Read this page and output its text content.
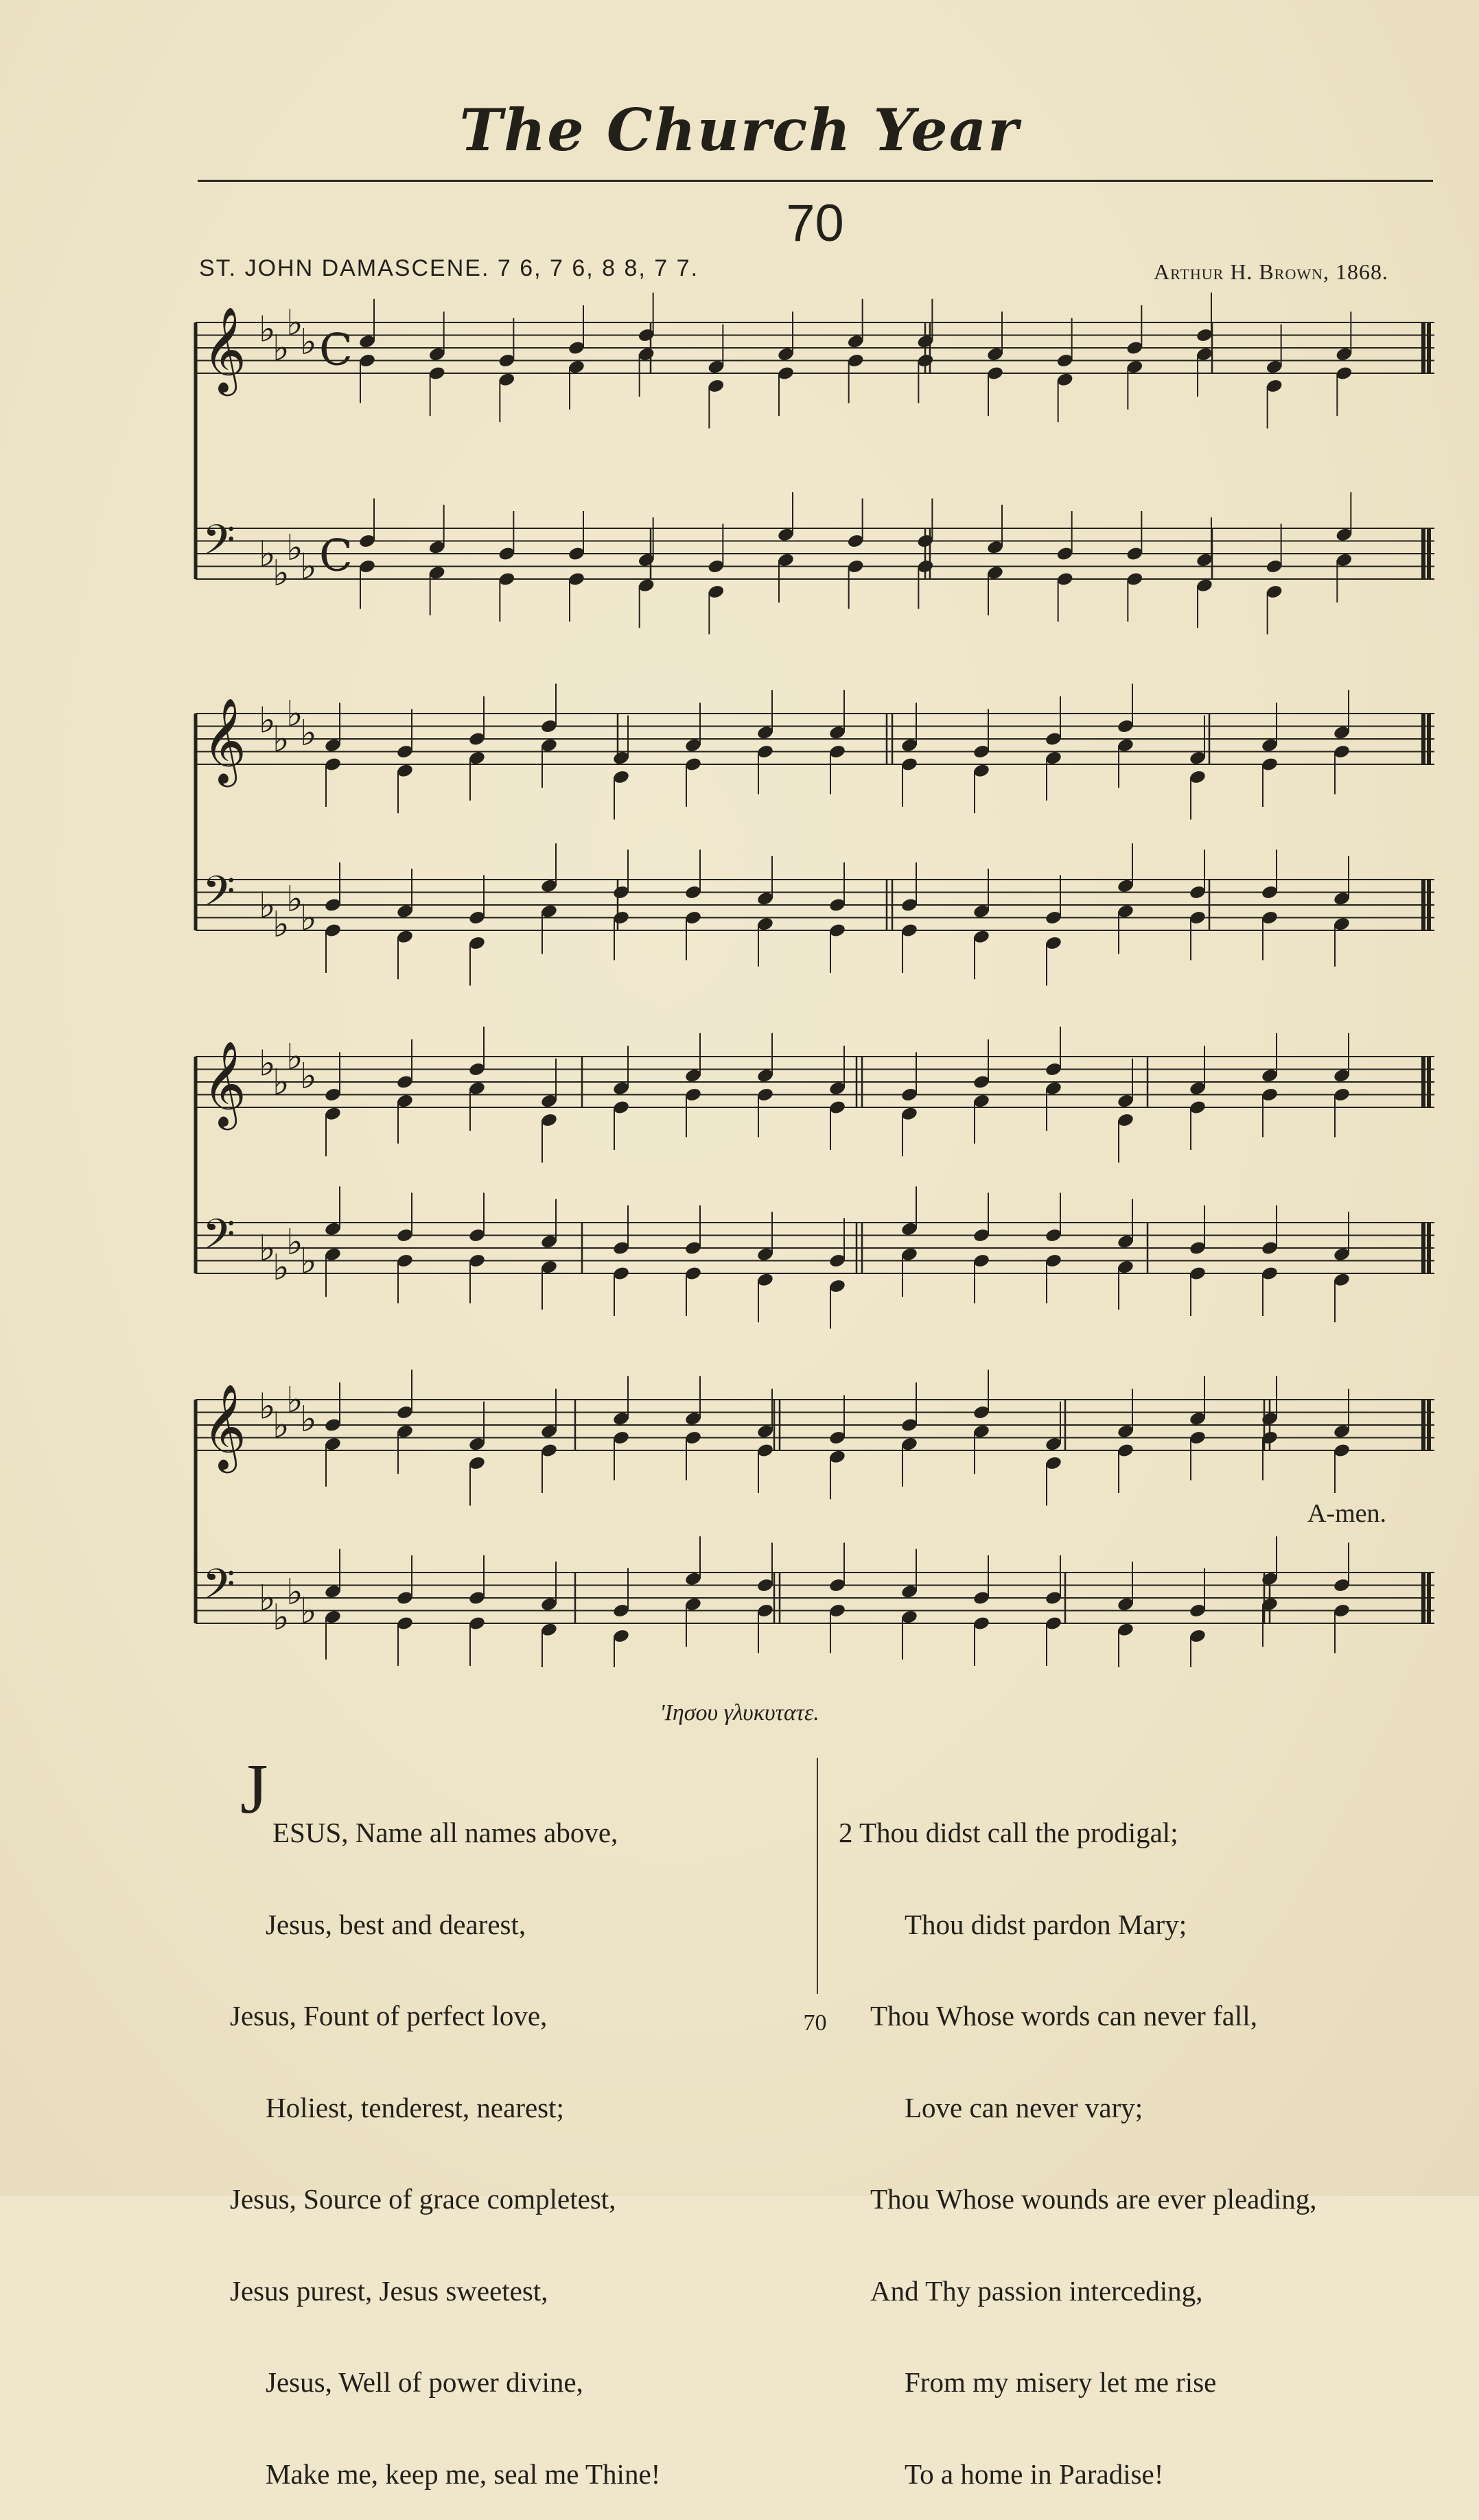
The Church Year
70
ST. JOHN DAMASCENE. 7 6, 7 6, 8 8, 7 7.	Arthur H. Brown, 1868.
𝄞 ♭
♭
♭
♭ C
𝄢 ♭
♭
♭
♭ C
𝄞 ♭
♭
♭
♭
𝄢 ♭
♭
♭
♭
𝄞 ♭
♭
♭
♭
𝄢 ♭
♭
♭
♭
𝄞 ♭
♭
♭
♭
𝄢 ♭
♭
♭
♭
A-men.
'Ιησου γλυκυτατε.
J

ESUS, Name all names above,

Jesus, best and dearest,

Jesus, Fount of perfect love,

Holiest, tenderest, nearest;

Jesus, Source of grace completest,

Jesus purest, Jesus sweetest,

Jesus, Well of power divine,

Make me, keep me, seal me Thine!

2 Thou didst call the prodigal;

Thou didst pardon Mary;

Thou Whose words can never fall,

Love can never vary;

Thou Whose wounds are ever pleading,

And Thy passion interceding,

From my misery let me rise

To a home in Paradise!

70
